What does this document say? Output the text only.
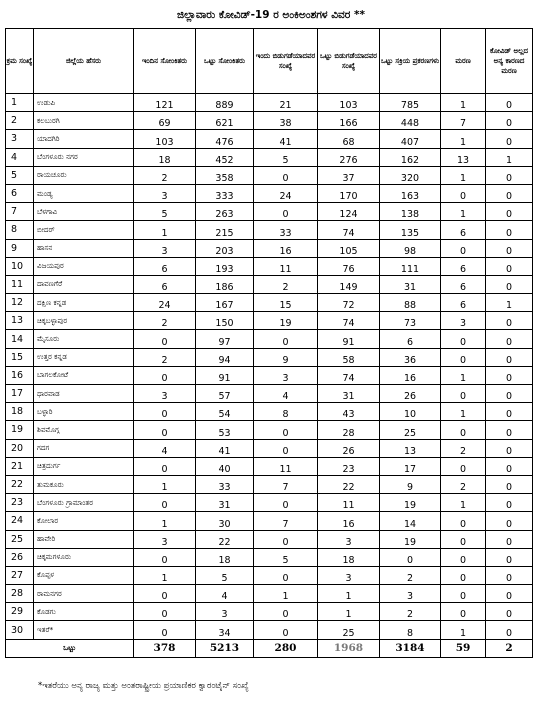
ಜಿಲ್ಲಾವಾರು ಕೋವಿಡ್-19 ರ ಅಂಕಿಅಂಶಗಳ ವಿವರ **
ಕ್ರಮ ಸಂಖ್ಯೆ	ಜಿಲ್ಲೆಯ ಹೆಸರು	ಇಂದಿನ ಸೋಂಕಿತರು	ಒಟ್ಟು ಸೋಂಕಿತರು	ಇಂದು ಬಿಡುಗಡೆಯಾದವರ ಸಂಖ್ಯೆ	ಒಟ್ಟು ಬಿಡುಗಡೆಯಾದವರ ಸಂಖ್ಯೆ	ಒಟ್ಟು ಸಕ್ರಿಯ ಪ್ರಕರಣಗಳು	ಮರಣ	ಕೋವಿಡ್ ಅಲ್ಲದ ಅನ್ಯ ಕಾರಣದ ಮರಣ
1	ಉಡುಪಿ	121	889	21	103	785	1	0
2	ಕಲಬುರಗಿ	69	621	38	166	448	7	0
3	ಯಾದಗಿರಿ	103	476	41	68	407	1	0
4	ಬೆಂಗಳೂರು ನಗರ	18	452	5	276	162	13	1
5	ರಾಯಚೂರು	2	358	0	37	320	1	0
6	ಮಂಡ್ಯ	3	333	24	170	163	0	0
7	ಬೆಳಗಾವಿ	5	263	0	124	138	1	0
8	ಬೀದರ್	1	215	33	74	135	6	0
9	ಹಾಸನ	3	203	16	105	98	0	0
10	ವಿಜಯಪುರ	6	193	11	76	111	6	0
11	ದಾವಣಗೆರೆ	6	186	2	149	31	6	0
12	ದಕ್ಷಿಣ ಕನ್ನಡ	24	167	15	72	88	6	1
13	ಚಿಕ್ಕಬಳ್ಳಾಪುರ	2	150	19	74	73	3	0
14	ಮೈಸೂರು	0	97	0	91	6	0	0
15	ಉತ್ತರ ಕನ್ನಡ	2	94	9	58	36	0	0
16	ಬಾಗಲಕೋಟೆ	0	91	3	74	16	1	0
17	ಧಾರವಾಡ	3	57	4	31	26	0	0
18	ಬಳ್ಳಾರಿ	0	54	8	43	10	1	0
19	ಶಿವಮೊಗ್ಗ	0	53	0	28	25	0	0
20	ಗದಗ	4	41	0	26	13	2	0
21	ಚಿತ್ರದುರ್ಗ	0	40	11	23	17	0	0
22	ತುಮಕೂರು	1	33	7	22	9	2	0
23	ಬೆಂಗಳೂರು ಗ್ರಾಮಾಂತರ	0	31	0	11	19	1	0
24	ಕೋಲಾರ	1	30	7	16	14	0	0
25	ಹಾವೇರಿ	3	22	0	3	19	0	0
26	ಚಿಕ್ಕಮಗಳೂರು	0	18	5	18	0	0	0
27	ಕೊಪ್ಪಳ	1	5	0	3	2	0	0
28	ರಾಮನಗರ	0	4	1	1	3	0	0
29	ಕೊಡಗು	0	3	0	1	2	0	0
30	ಇತರೆ*	0	34	0	25	8	1	0
ಒಟ್ಟು		378	5213	280	1968	3184	59	2
*ಇತರೆಯು ಅನ್ಯ ರಾಜ್ಯ ಮತ್ತು ಅಂತರಾಷ್ಟ್ರೀಯ ಪ್ರಯಾಣಿಕರ ಕ್ವಾರಂಟೈನ್ ಸಂಖ್ಯೆ
